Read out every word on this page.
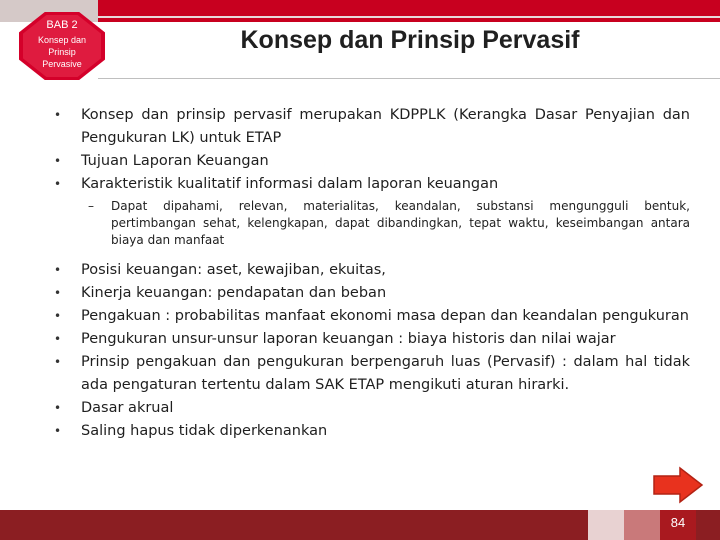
BAB 2
Konsep dan
Prinsip
Pervasive
Konsep dan Prinsip Pervasif
• Konsep dan prinsip pervasif merupakan KDPPLK (Kerangka Dasar Penyajian dan Pengukuran LK) untuk ETAP
• Tujuan Laporan Keuangan
• Karakteristik kualitatif informasi dalam laporan keuangan
– Dapat dipahami, relevan, materialitas, keandalan, substansi mengungguli bentuk, pertimbangan sehat, kelengkapan, dapat dibandingkan, tepat waktu, keseimbangan antara biaya dan manfaat
• Posisi keuangan: aset, kewajiban, ekuitas,
• Kinerja keuangan: pendapatan dan beban
• Pengakuan : probabilitas manfaat ekonomi masa depan dan keandalan pengukuran
• Pengukuran unsur-unsur laporan keuangan : biaya historis dan nilai wajar
• Prinsip pengakuan dan pengukuran berpengaruh luas (Pervasif) : dalam hal tidak ada pengaturan tertentu dalam SAK ETAP mengikuti aturan hirarki.
• Dasar akrual
• Saling hapus tidak diperkenankan
84
